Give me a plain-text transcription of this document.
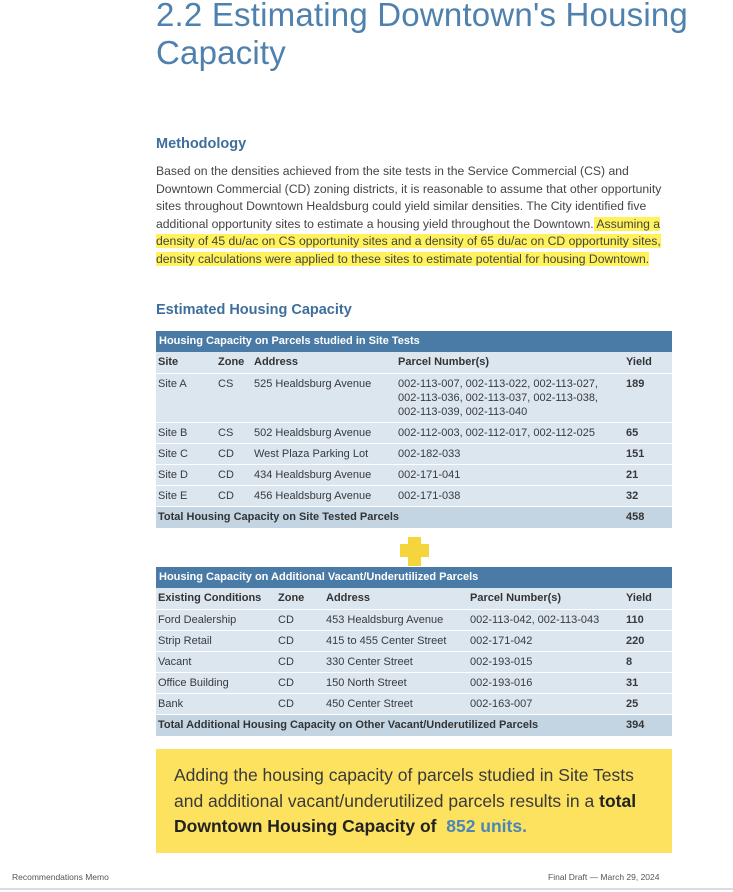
2.2 Estimating Downtown's Housing Capacity
Methodology
Based on the densities achieved from the site tests in the Service Commercial (CS) and Downtown Commercial (CD) zoning districts, it is reasonable to assume that other opportunity sites throughout Downtown Healdsburg could yield similar densities. The City identified five additional opportunity sites to estimate a housing yield throughout the Downtown. Assuming a density of 45 du/ac on CS opportunity sites and a density of 65 du/ac on CD opportunity sites, density calculations were applied to these sites to estimate potential for housing Downtown.
Estimated Housing Capacity
Housing Capacity on Parcels studied in Site Tests				
Site	Zone	Address	Parcel Number(s)	Yield

Site A	CS	525 Healdsburg Avenue	002-113-007, 002-113-022, 002-113-027, 002-113-036, 002-113-037, 002-113-038, 002-113-039, 002-113-040	189

Site B	CS	502 Healdsburg Avenue	002-112-003, 002-112-017, 002-112-025	65

Site C	CD	West Plaza Parking Lot	002-182-033	151

Site D	CD	434 Healdsburg Avenue	002-171-041	21

Site E	CD	456 Healdsburg Avenue	002-171-038	32

Total Housing Capacity on Site Tested Parcels				458
Housing Capacity on Additional Vacant/Underutilized Parcels				
Existing Conditions	Zone	Address	Parcel Number(s)	Yield

Ford Dealership	CD	453 Healdsburg Avenue	002-113-042, 002-113-043	110

Strip Retail	CD	415 to 455 Center Street	002-171-042	220

Vacant	CD	330 Center Street	002-193-015	8

Office Building	CD	150 North Street	002-193-016	31

Bank	CD	450 Center Street	002-163-007	25

Total Additional Housing Capacity on Other Vacant/Underutilized Parcels				394
Adding the housing capacity of parcels studied in Site Tests and additional vacant/underutilized parcels results in a total Downtown Housing Capacity of 852 units.
Recommendations Memo	Final Draft — March 29, 2024
